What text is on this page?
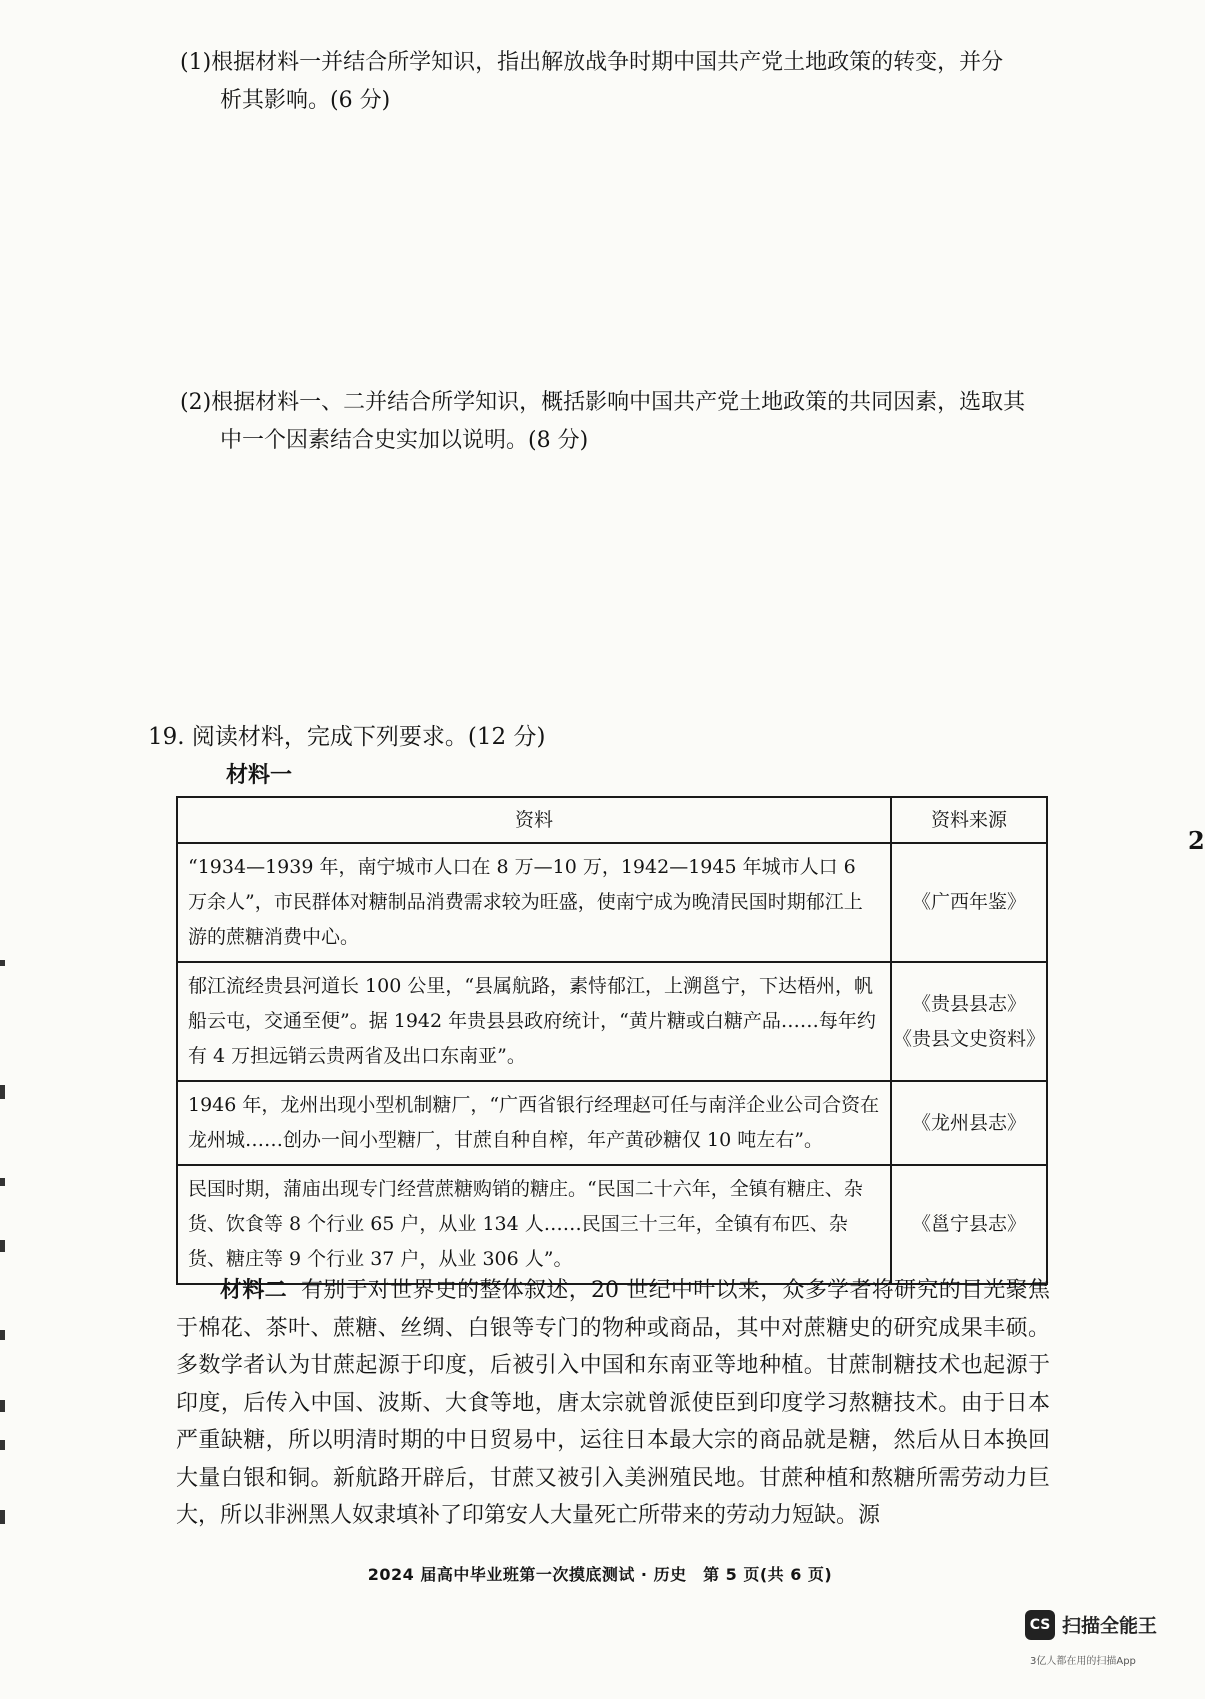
(1)根据材料一并结合所学知识，指出解放战争时期中国共产党土地政策的转变，并分
析其影响。(6 分)
(2)根据材料一、二并结合所学知识，概括影响中国共产党土地政策的共同因素，选取其
中一个因素结合史实加以说明。(8 分)
19. 阅读材料，完成下列要求。(12 分)
材料一
资料	资料来源
“1934—1939 年，南宁城市人口在 8 万—10 万，1942—1945 年城市人口 6 万余人”，市民群体对糖制品消费需求较为旺盛，使南宁成为晚清民国时期郁江上游的蔗糖消费中心。	《广西年鉴》

郁江流经贵县河道长 100 公里，“县属航路，素恃郁江，上溯邕宁，下达梧州，帆船云屯，交通至便”。据 1942 年贵县县政府统计，“黄片糖或白糖产品……每年约有 4 万担远销云贵两省及出口东南亚”。	《贵县县志》
《贵县文史资料》

1946 年，龙州出现小型机制糖厂，“广西省银行经理赵可任与南洋企业公司合资在龙州城……创办一间小型糖厂，甘蔗自种自榨，年产黄砂糖仅 10 吨左右”。	《龙州县志》

民国时期，蒲庙出现专门经营蔗糖购销的糖庄。“民国二十六年，全镇有糖庄、杂货、饮食等 8 个行业 65 户，从业 134 人……民国三十三年，全镇有布匹、杂货、糖庄等 9 个行业 37 户，从业 306 人”。	《邕宁县志》
材料二 有别于对世界史的整体叙述，20 世纪中叶以来，众多学者将研究的目光聚焦于棉花、茶叶、蔗糖、丝绸、白银等专门的物种或商品，其中对蔗糖史的研究成果丰硕。多数学者认为甘蔗起源于印度，后被引入中国和东南亚等地种植。甘蔗制糖技术也起源于印度，后传入中国、波斯、大食等地，唐太宗就曾派使臣到印度学习熬糖技术。由于日本严重缺糖，所以明清时期的中日贸易中，运往日本最大宗的商品就是糖，然后从日本换回大量白银和铜。新航路开辟后，甘蔗又被引入美洲殖民地。甘蔗种植和熬糖所需劳动力巨大，所以非洲黑人奴隶填补了印第安人大量死亡所带来的劳动力短缺。源
2024 届高中毕业班第一次摸底测试 · 历史　第 5 页(共 6 页)
2
CS 扫描全能王
3亿人都在用的扫描App
